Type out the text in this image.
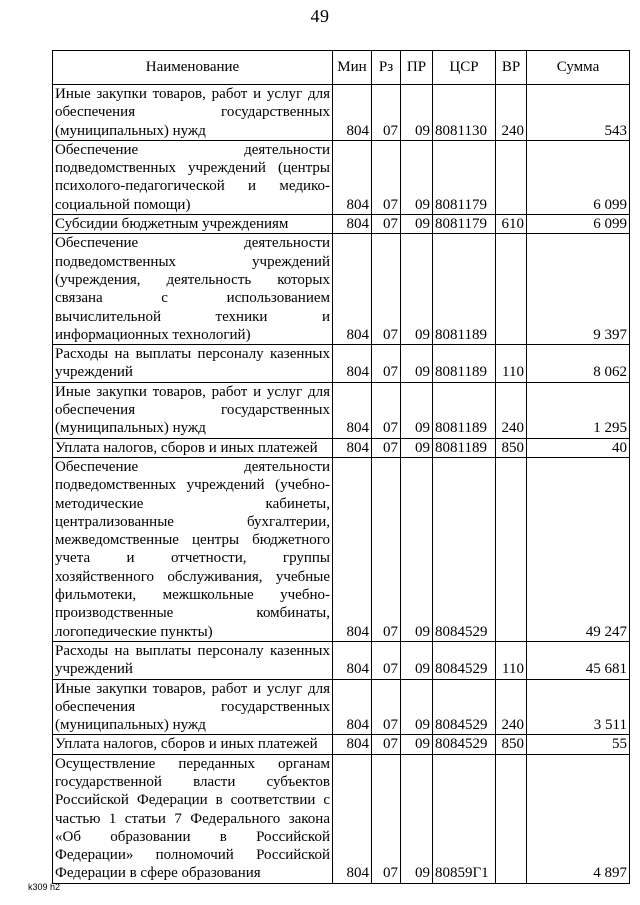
49
Наименование	Мин	Рз	ПР	ЦСР	ВР	Сумма
Иные закупки товаров, работ и услуг для обеспечения государственных (муниципальных) нужд	804	07	09	8081130	240	543
Обеспечение деятельности подведомственных учреждений (центры психолого-педагогической и медико-социальной помощи)	804	07	09	8081179		6 099
Субсидии бюджетным учреждениям	804	07	09	8081179	610	6 099
Обеспечение деятельности подведомственных учреждений (учреждения, деятельность которых связана с использованием вычислительной техники и информационных технологий)	804	07	09	8081189		9 397
Расходы на выплаты персоналу казенных учреждений	804	07	09	8081189	110	8 062
Иные закупки товаров, работ и услуг для обеспечения государственных (муниципальных) нужд	804	07	09	8081189	240	1 295
Уплата налогов, сборов и иных платежей	804	07	09	8081189	850	40
Обеспечение деятельности подведомственных учреждений (учебно-методические кабинеты, централизованные бухгалтерии, межведомственные центры бюджетного учета и отчетности, группы хозяйственного обслуживания, учебные фильмотеки, межшкольные учебно-производственные комбинаты, логопедические пункты)	804	07	09	8084529		49 247
Расходы на выплаты персоналу казенных учреждений	804	07	09	8084529	110	45 681
Иные закупки товаров, работ и услуг для обеспечения государственных (муниципальных) нужд	804	07	09	8084529	240	3 511
Уплата налогов, сборов и иных платежей	804	07	09	8084529	850	55
Осуществление переданных органам государственной власти субъектов Российской Федерации в соответствии с частью 1 статьи 7 Федерального закона «Об образовании в Российской Федерации» полномочий Российской Федерации в сфере образования	804	07	09	80859Г1		4 897
k309 h2
